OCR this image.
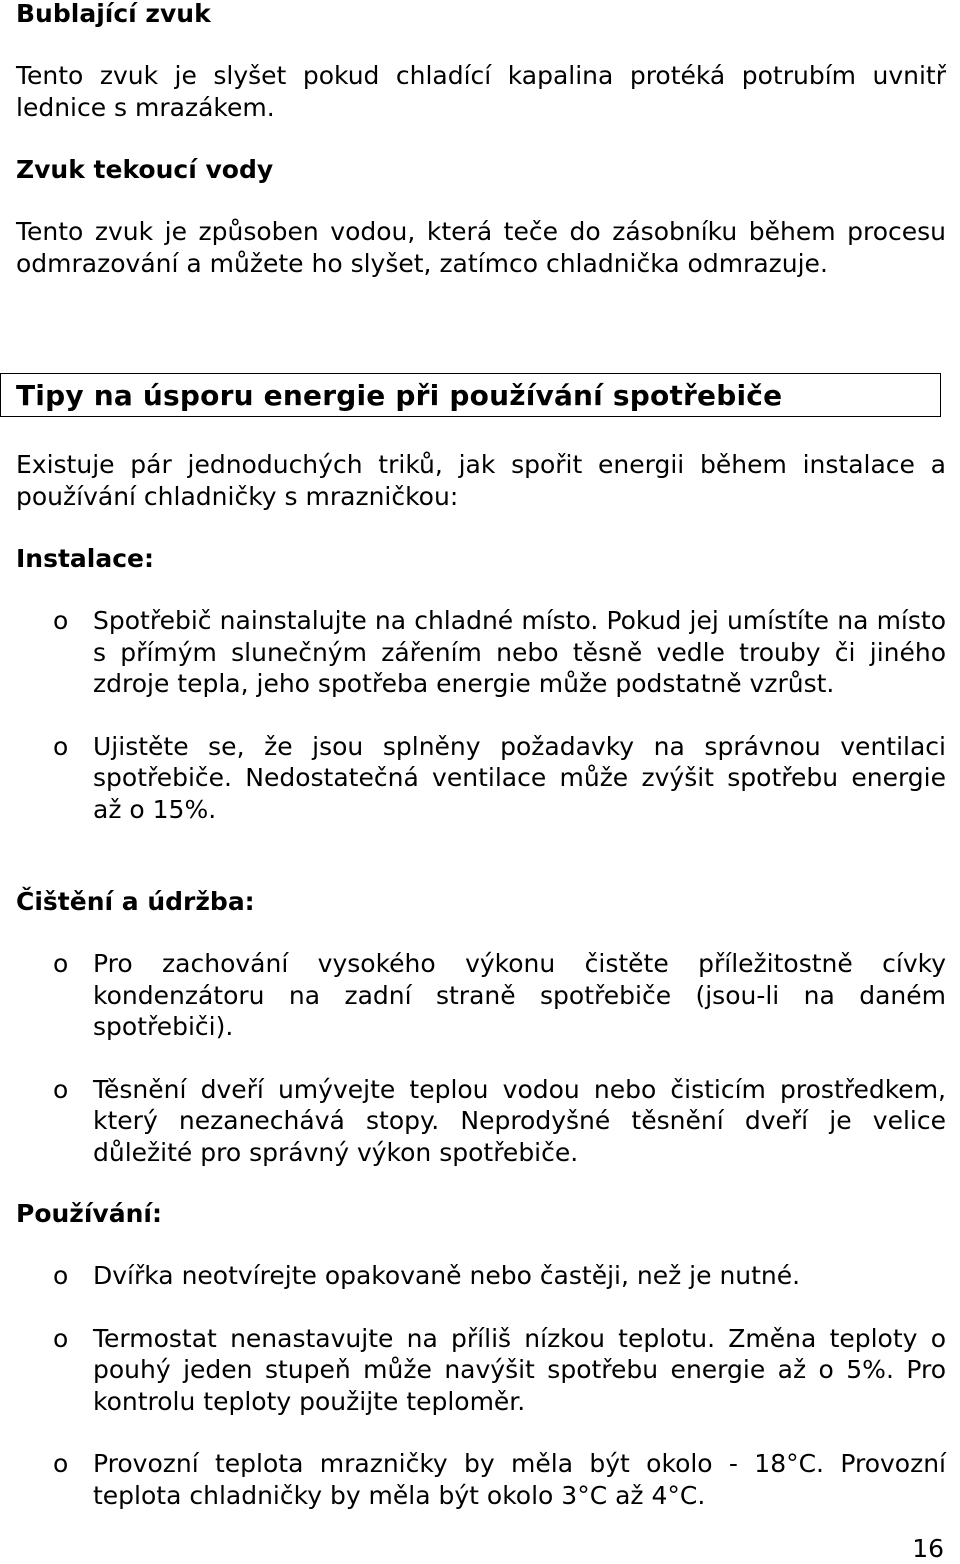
Bublající zvuk
Tento zvuk je slyšet pokud chladící kapalina protéká potrubím uvnitř lednice s mrazákem.
Zvuk tekoucí vody
Tento zvuk je způsoben vodou, která teče do zásobníku během procesu odmrazování a můžete ho slyšet, zatímco chladnička odmrazuje.
Tipy na úsporu energie při používání spotřebiče
Existuje pár jednoduchých triků, jak spořit energii během instalace a používání chladničky s mrazničkou:
Instalace:
o Spotřebič nainstalujte na chladné místo. Pokud jej umístíte na místo s přímým slunečným zářením nebo těsně vedle trouby či jiného zdroje tepla, jeho spotřeba energie může podstatně vzrůst.
o Ujistěte se, že jsou splněny požadavky na správnou ventilaci spotřebiče. Nedostatečná ventilace může zvýšit spotřebu energie až o 15%.
Čištění a údržba:
o Pro zachování vysokého výkonu čistěte příležitostně cívky kondenzátoru na zadní straně spotřebiče (jsou-li na daném spotřebiči).
o Těsnění dveří umývejte teplou vodou nebo čisticím prostředkem, který nezanechává stopy. Neprodyšné těsnění dveří je velice důležité pro správný výkon spotřebiče.
Používání:
o Dvířka neotvírejte opakovaně nebo častěji, než je nutné.
o Termostat nenastavujte na příliš nízkou teplotu. Změna teploty o pouhý jeden stupeň může navýšit spotřebu energie až o 5%. Pro kontrolu teploty použijte teploměr.
o Provozní teplota mrazničky by měla být okolo - 18°C. Provozní teplota chladničky by měla být okolo 3°C až 4°C.
16
